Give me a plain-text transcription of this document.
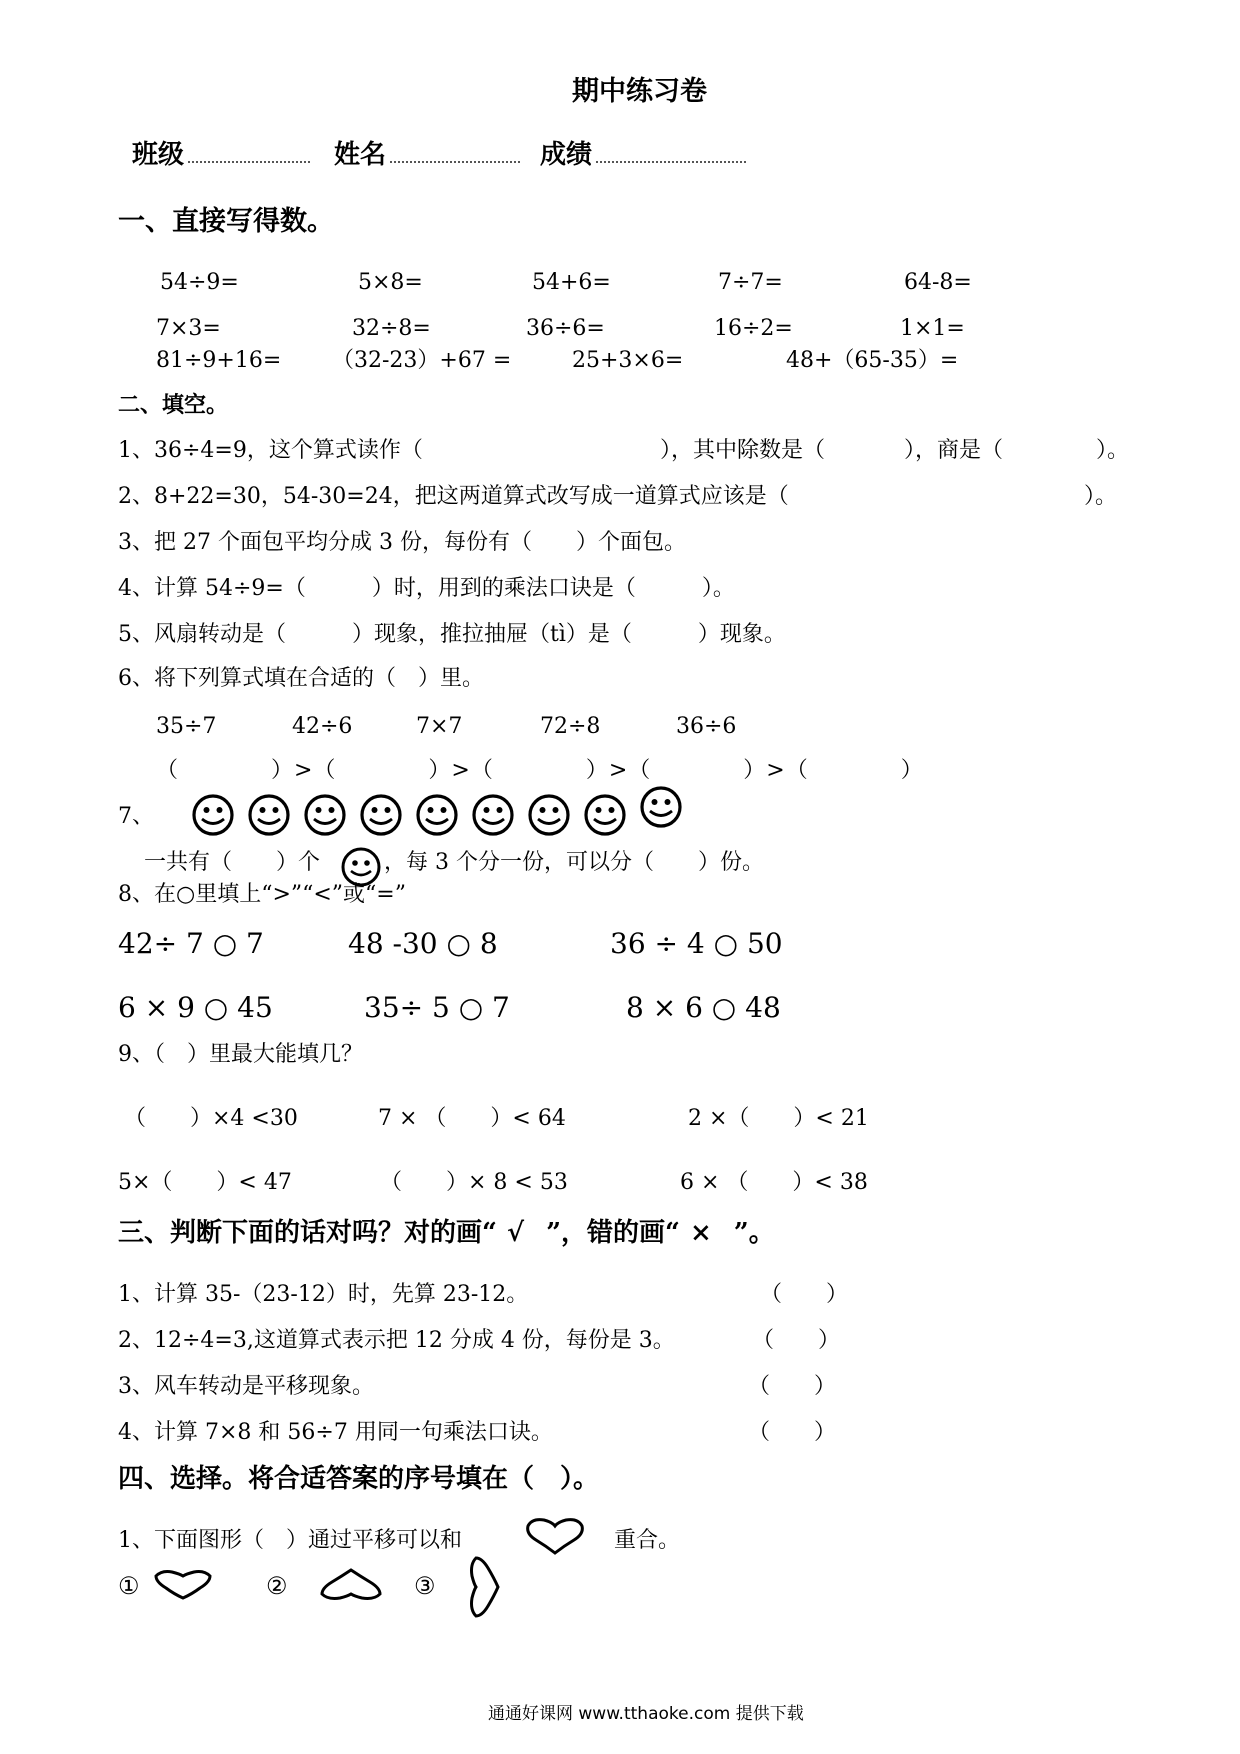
期中练习卷
班级	姓名	成绩
一、直接写得数。
54÷9=	5×8=	54+6=	7÷7=	64-8=
7×3=	32÷8=	36÷6=	16÷2=	1×1=
81÷9+16= （32-23）+67 =	25+3×6=	48+（65-35）=
二、填空。
1、36÷4=9，这个算式读作（	），其中除数是（	），商是（	）。
2、8+22=30，54-30=24，把这两道算式改写成一道算式应该是（	）。
3、把 27 个面包平均分成 3 份，每份有（　　）个面包。
4、计算 54÷9=（　　　）时，用到的乘法口诀是（　　　）。
5、风扇转动是（　　　）现象，推拉抽屉（tì）是（　　　）现象。
6、将下列算式填在合适的（　）里。
35÷7	42÷6	7×7	72÷8	36÷6
（　　　　）>（　　　　）>（　　　　）>（　　　　）>（　　　　）
7、
一共有（　　）个	，每 3 个分一份，可以分（　　）份。
8、在○里填上“>”“<”或“=”
42÷ 7 ○ 7	48 -30 ○ 8	36 ÷ 4 ○ 50
6 × 9 ○ 45	35÷ 5 ○ 7	8 × 6 ○ 48
9、（　）里最大能填几？
（　　）×4 <30	7 × （　　）< 64	2 ×（　　）< 21
5×（　　）< 47	（　　）× 8 < 53	6 × （　　）< 38
三、判断下面的话对吗？对的画“ √ ”，错的画“ × ”。
1、计算 35-（23-12）时，先算 23-12。	（　　）
2、12÷4=3,这道算式表示把 12 分成 4 份，每份是 3。	（　　）
3、风车转动是平移现象。	（　　）
4、计算 7×8 和 56÷7 用同一句乘法口诀。	（　　）
四、选择。将合适答案的序号填在（　）。
1、下面图形（　）通过平移可以和	重合。
①	②	③
通通好课网 www.tthaoke.com 提供下载
